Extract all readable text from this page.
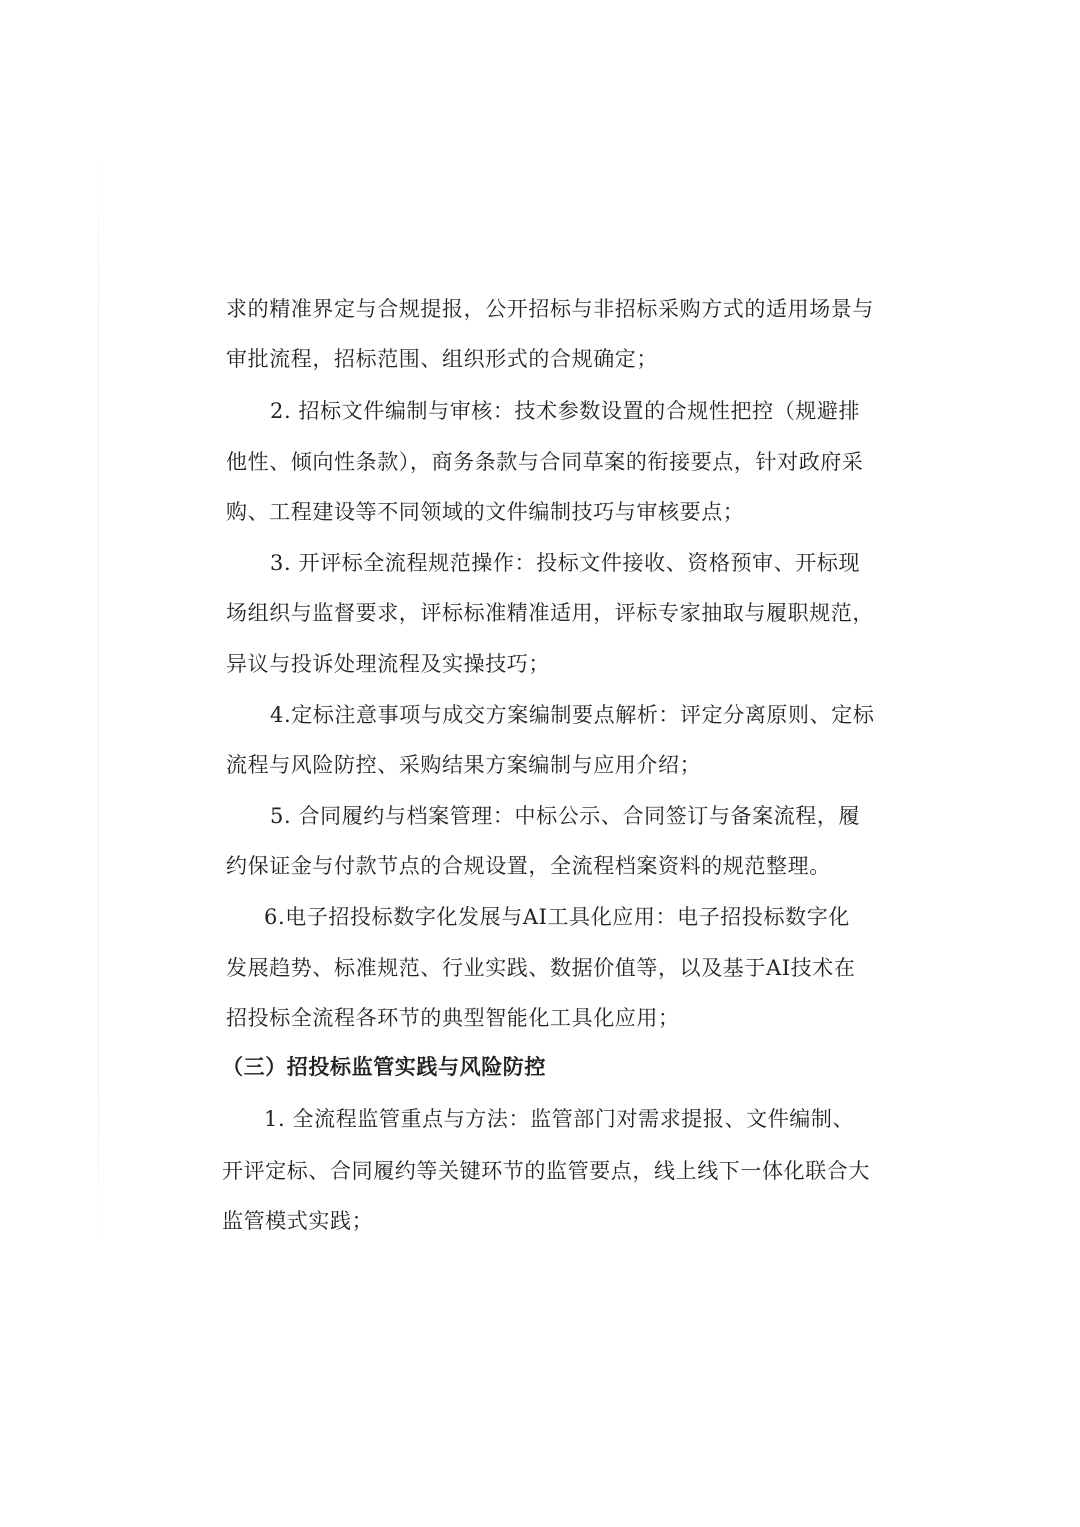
求的精准界定与合规提报，公开招标与非招标采购方式的适用场景与
审批流程，招标范围、组织形式的合规确定；
2. 招标文件编制与审核：技术参数设置的合规性把控（规避排
他性、倾向性条款），商务条款与合同草案的衔接要点，针对政府采
购、工程建设等不同领域的文件编制技巧与审核要点；
3. 开评标全流程规范操作：投标文件接收、资格预审、开标现
场组织与监督要求，评标标准精准适用，评标专家抽取与履职规范，
异议与投诉处理流程及实操技巧；
4.定标注意事项与成交方案编制要点解析：评定分离原则、定标
流程与风险防控、采购结果方案编制与应用介绍；
5. 合同履约与档案管理：中标公示、合同签订与备案流程，履
约保证金与付款节点的合规设置，全流程档案资料的规范整理。
6.电子招投标数字化发展与AI工具化应用：电子招投标数字化
发展趋势、标准规范、行业实践、数据价值等，以及基于AI技术在
招投标全流程各环节的典型智能化工具化应用；
（三）招投标监管实践与风险防控
1. 全流程监管重点与方法：监管部门对需求提报、文件编制、
开评定标、合同履约等关键环节的监管要点，线上线下一体化联合大
监管模式实践；
